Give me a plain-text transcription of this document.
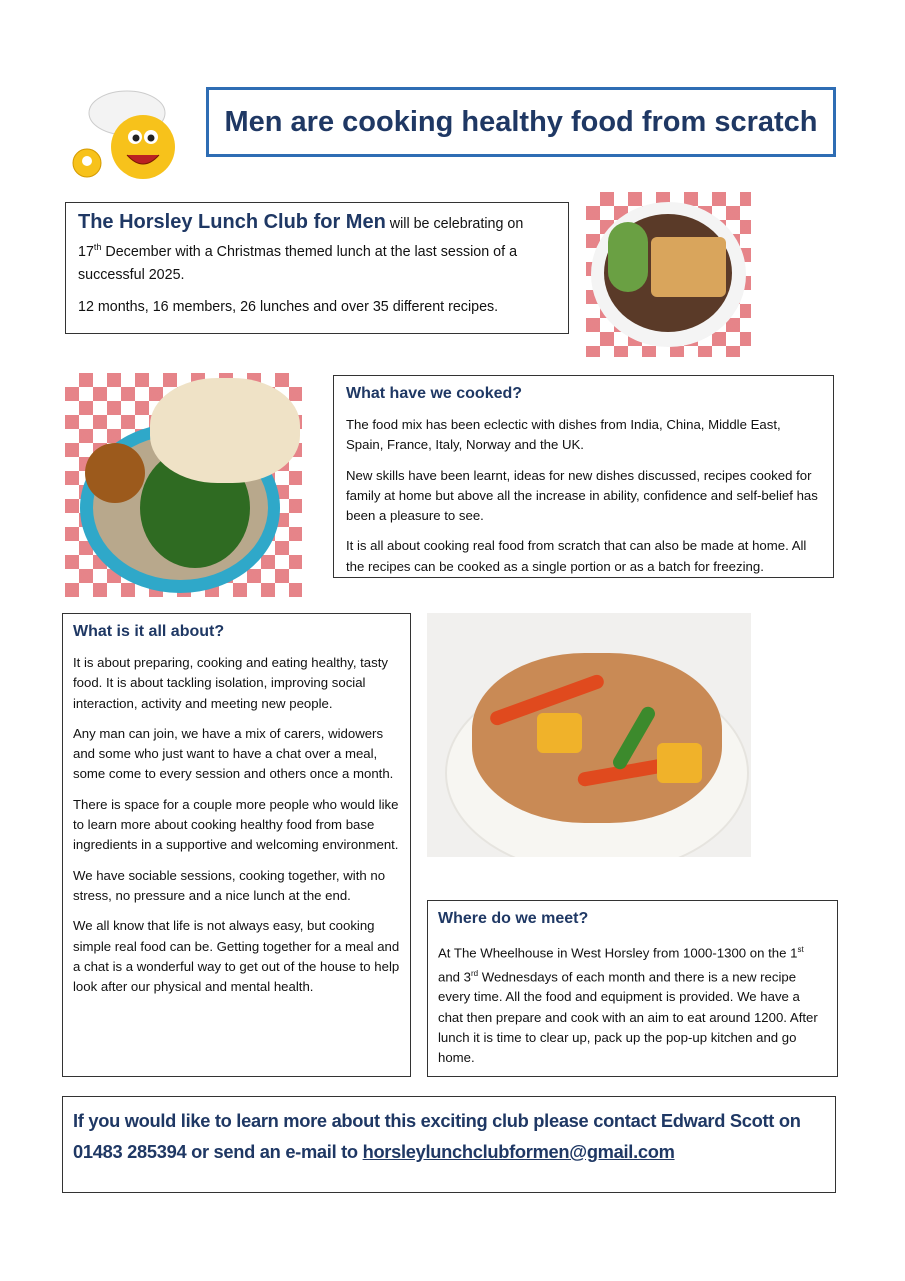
Men are cooking healthy food from scratch

The Horsley Lunch Club for Men will be celebrating on
17th December with a Christmas themed lunch at the last session of a successful 2025.

12 months, 16 members, 26 lunches and over 35 different recipes.

What have we cooked?

The food mix has been eclectic with dishes from India, China, Middle East, Spain, France, Italy, Norway and the UK.

New skills have been learnt, ideas for new dishes discussed, recipes cooked for family at home but above all the increase in ability, confidence and self-belief has been a pleasure to see.

It is all about cooking real food from scratch that can also be made at home. All the recipes can be cooked as a single portion or as a batch for freezing.

What is it all about?

It is about preparing, cooking and eating healthy, tasty food. It is about tackling isolation, improving social interaction, activity and meeting new people.

Any man can join, we have a mix of carers, widowers and some who just want to have a chat over a meal, some come to every session and others once a month.

There is space for a couple more people who would like to learn more about cooking healthy food from base ingredients in a supportive and welcoming environment.

We have sociable sessions, cooking together, with no stress, no pressure and a nice lunch at the end.

We all know that life is not always easy, but cooking simple real food can be. Getting together for a meal and a chat is a wonderful way to get out of the house to help look after our physical and mental health.

Where do we meet?

At The Wheelhouse in West Horsley from 1000-1300 on the 1st and 3rd Wednesdays of each month and there is a new recipe every time. All the food and equipment is provided. We have a chat then prepare and cook with an aim to eat around 1200. After lunch it is time to clear up, pack up the pop-up kitchen and go home.

If you would like to learn more about this exciting club please contact Edward Scott on 01483 285394 or send an e-mail to horsleylunchclubformen@gmail.com
